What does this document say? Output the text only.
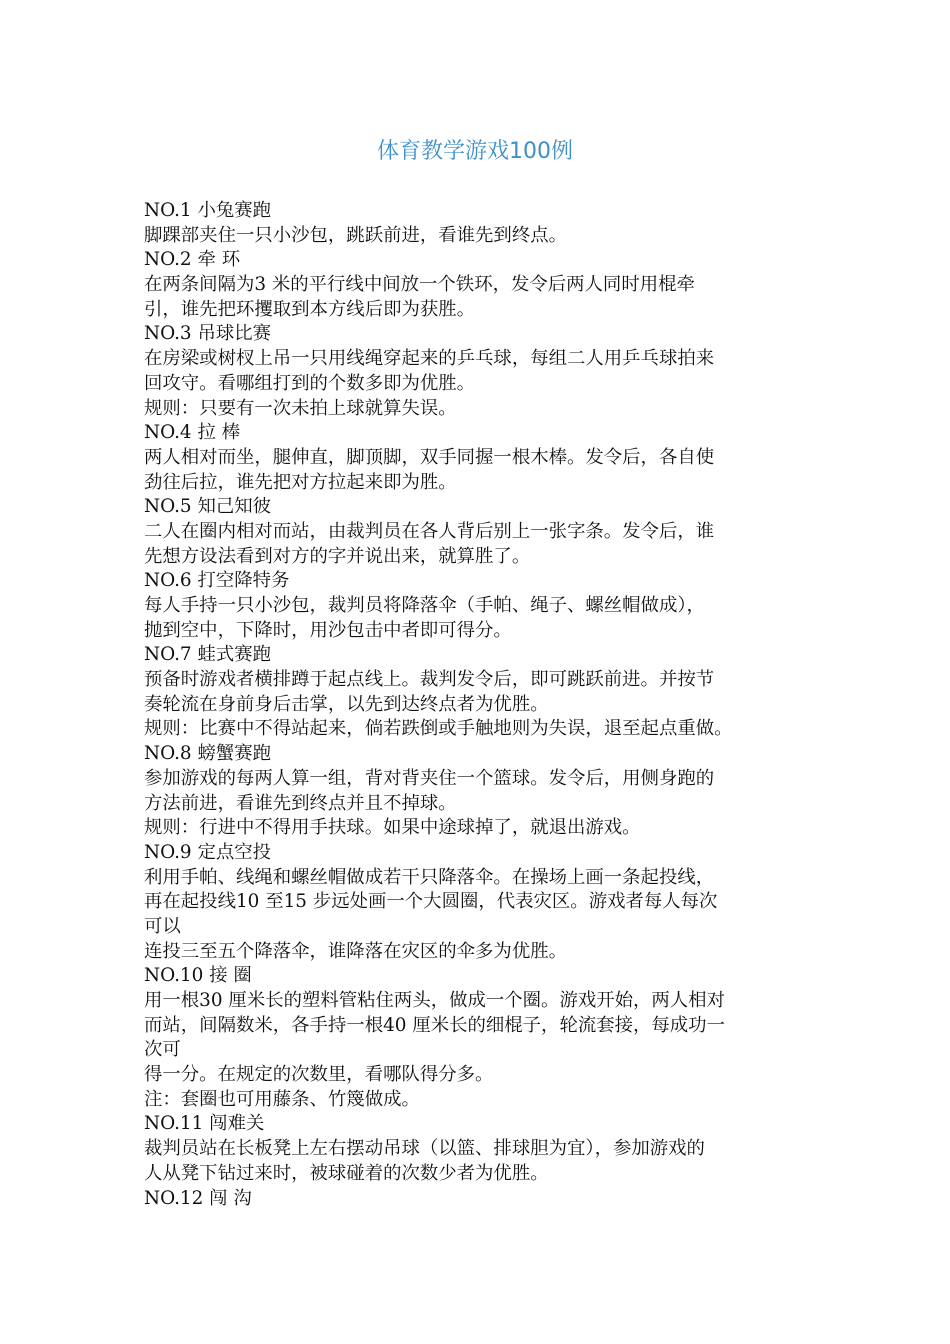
体育教学游戏100例
NO.1 小兔赛跑
脚踝部夹住一只小沙包，跳跃前进，看谁先到终点。
NO.2 牵 环
在两条间隔为3 米的平行线中间放一个铁环，发令后两人同时用棍牵
引，谁先把环攫取到本方线后即为获胜。
NO.3 吊球比赛
在房梁或树杈上吊一只用线绳穿起来的乒乓球，每组二人用乒乓球拍来
回攻守。看哪组打到的个数多即为优胜。
规则：只要有一次未拍上球就算失误。
NO.4 拉 棒
两人相对而坐，腿伸直，脚顶脚，双手同握一根木棒。发令后，各自使
劲往后拉，谁先把对方拉起来即为胜。
NO.5 知己知彼
二人在圈内相对而站，由裁判员在各人背后别上一张字条。发令后，谁
先想方设法看到对方的字并说出来，就算胜了。
NO.6 打空降特务
每人手持一只小沙包，裁判员将降落伞（手帕、绳子、螺丝帽做成），
抛到空中，下降时，用沙包击中者即可得分。
NO.7 蛙式赛跑
预备时游戏者横排蹲于起点线上。裁判发令后，即可跳跃前进。并按节
奏轮流在身前身后击掌，以先到达终点者为优胜。
规则：比赛中不得站起来，倘若跌倒或手触地则为失误，退至起点重做。
NO.8 螃蟹赛跑
参加游戏的每两人算一组，背对背夹住一个篮球。发令后，用侧身跑的
方法前进，看谁先到终点并且不掉球。
规则：行进中不得用手扶球。如果中途球掉了，就退出游戏。
NO.9 定点空投
利用手帕、线绳和螺丝帽做成若干只降落伞。在操场上画一条起投线，
再在起投线10 至15 步远处画一个大圆圈，代表灾区。游戏者每人每次
可以
连投三至五个降落伞，谁降落在灾区的伞多为优胜。
NO.10 接 圈
用一根30 厘米长的塑料管粘住两头，做成一个圈。游戏开始，两人相对
而站，间隔数米，各手持一根40 厘米长的细棍子，轮流套接，每成功一
次可
得一分。在规定的次数里，看哪队得分多。
注：套圈也可用藤条、竹篾做成。
NO.11 闯难关
裁判员站在长板凳上左右摆动吊球（以篮、排球胆为宜），参加游戏的
人从凳下钻过来时，被球碰着的次数少者为优胜。
NO.12 闯 沟
